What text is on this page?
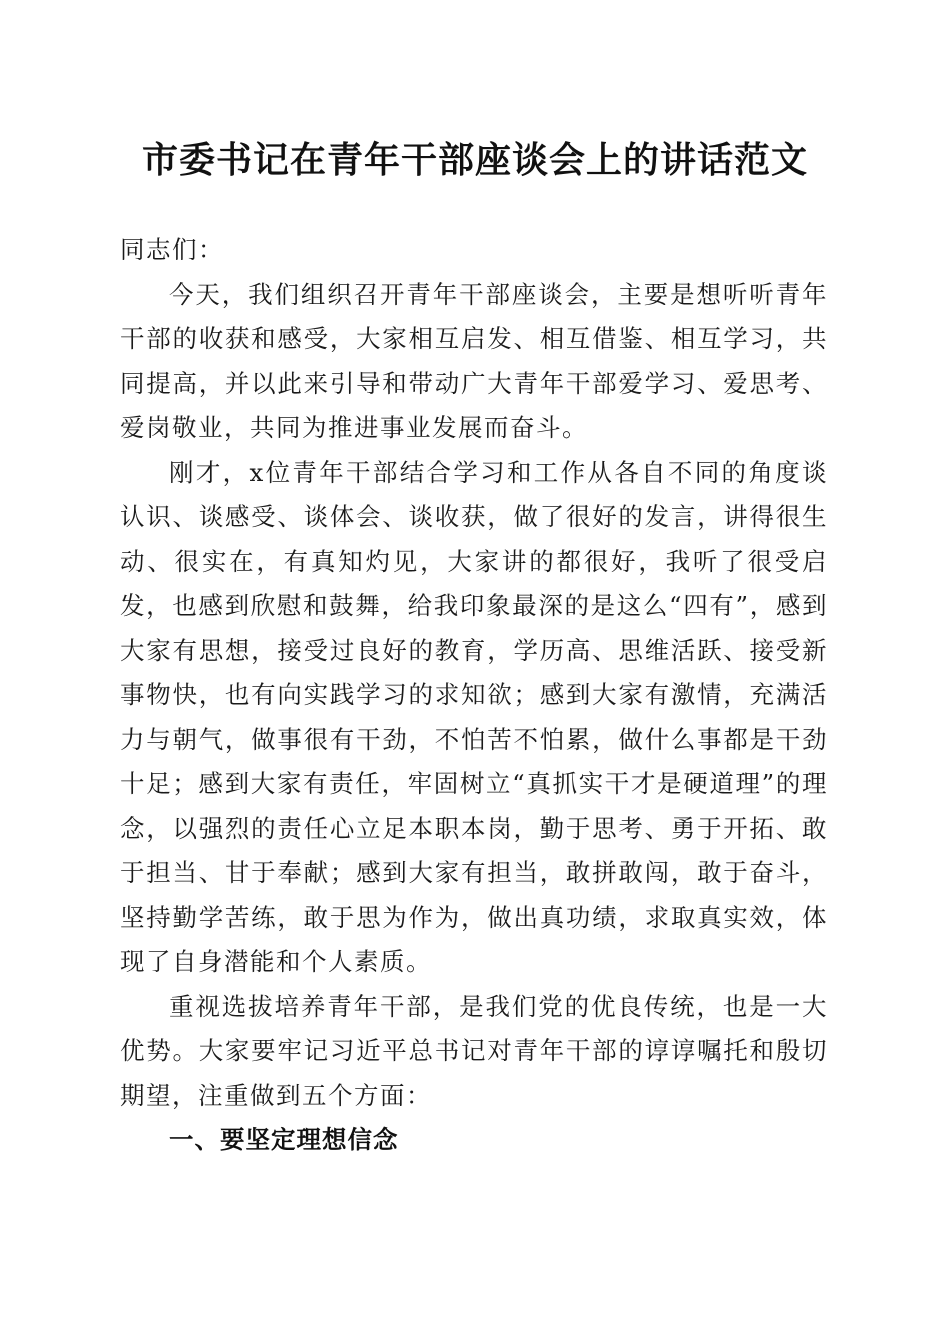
市委书记在青年干部座谈会上的讲话范文

同志们：

今天，我们组织召开青年干部座谈会，主要是想听听青年干部的收获和感受，大家相互启发、相互借鉴、相互学习，共同提高，并以此来引导和带动广大青年干部爱学习、爱思考、爱岗敬业，共同为推进事业发展而奋斗。

刚才，x位青年干部结合学习和工作从各自不同的角度谈认识、谈感受、谈体会、谈收获，做了很好的发言，讲得很生动、很实在，有真知灼见，大家讲的都很好，我听了很受启发，也感到欣慰和鼓舞，给我印象最深的是这么“四有”，感到大家有思想，接受过良好的教育，学历高、思维活跃、接受新事物快，也有向实践学习的求知欲；感到大家有激情，充满活力与朝气，做事很有干劲，不怕苦不怕累，做什么事都是干劲十足；感到大家有责任，牢固树立“真抓实干才是硬道理”的理念，以强烈的责任心立足本职本岗，勤于思考、勇于开拓、敢于担当、甘于奉献；感到大家有担当，敢拼敢闯，敢于奋斗，坚持勤学苦练，敢于思为作为，做出真功绩，求取真实效，体现了自身潜能和个人素质。

重视选拔培养青年干部，是我们党的优良传统，也是一大优势。大家要牢记习近平总书记对青年干部的谆谆嘱托和殷切期望，注重做到五个方面：

一、要坚定理想信念
